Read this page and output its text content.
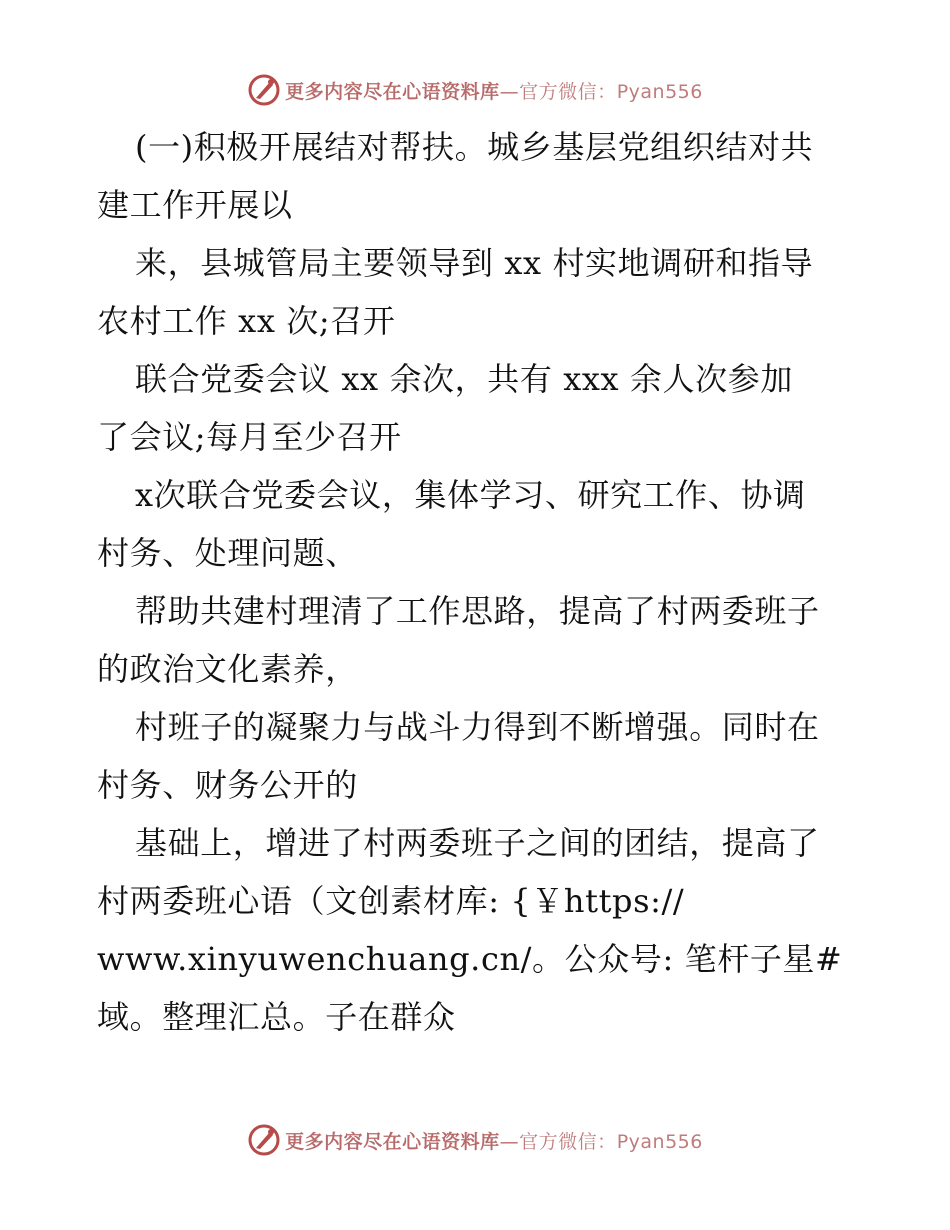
更多内容尽在心语资料库—官方微信：Pyan556
(一)积极开展结对帮扶。城乡基层党组织结对共
建工作开展以
来，县城管局主要领导到 xx 村实地调研和指导
农村工作 xx 次;召开
联合党委会议 xx 余次，共有 xxx 余人次参加
了会议;每月至少召开
x次联合党委会议，集体学习、研究工作、协调
村务、处理问题、
帮助共建村理清了工作思路，提高了村两委班子
的政治文化素养，
村班子的凝聚力与战斗力得到不断增强。同时在
村务、财务公开的
基础上，增进了村两委班子之间的团结，提高了
村两委班心语（文创素材库: {￥https://
www.xinyuwenchuang.cn/。公众号: 笔杆子星#
域。整理汇总。子在群众
更多内容尽在心语资料库—官方微信：Pyan556
